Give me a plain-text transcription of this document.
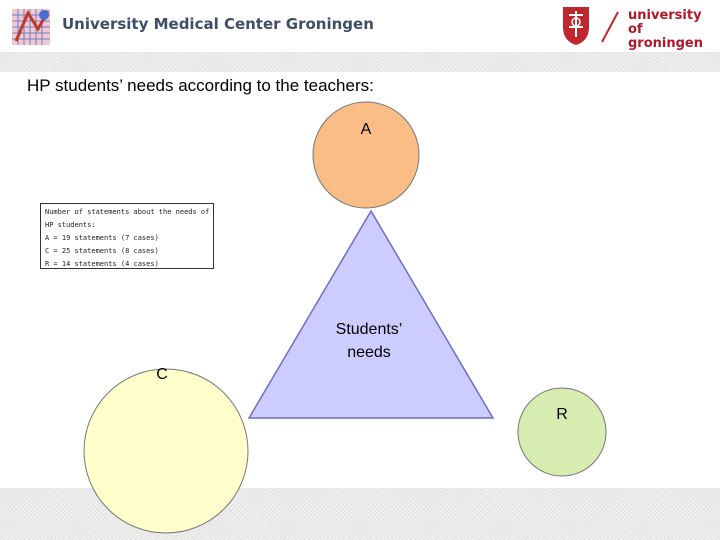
University Medical Center Groningen	university of
groningen
HP students’ needs according to the teachers:
A
C
Students’
needs
R
Number of statements about the needs of
HP students:
A = 19 statements (7 cases)
C = 25 statements (8 cases)
R = 14 statements (4 cases)
